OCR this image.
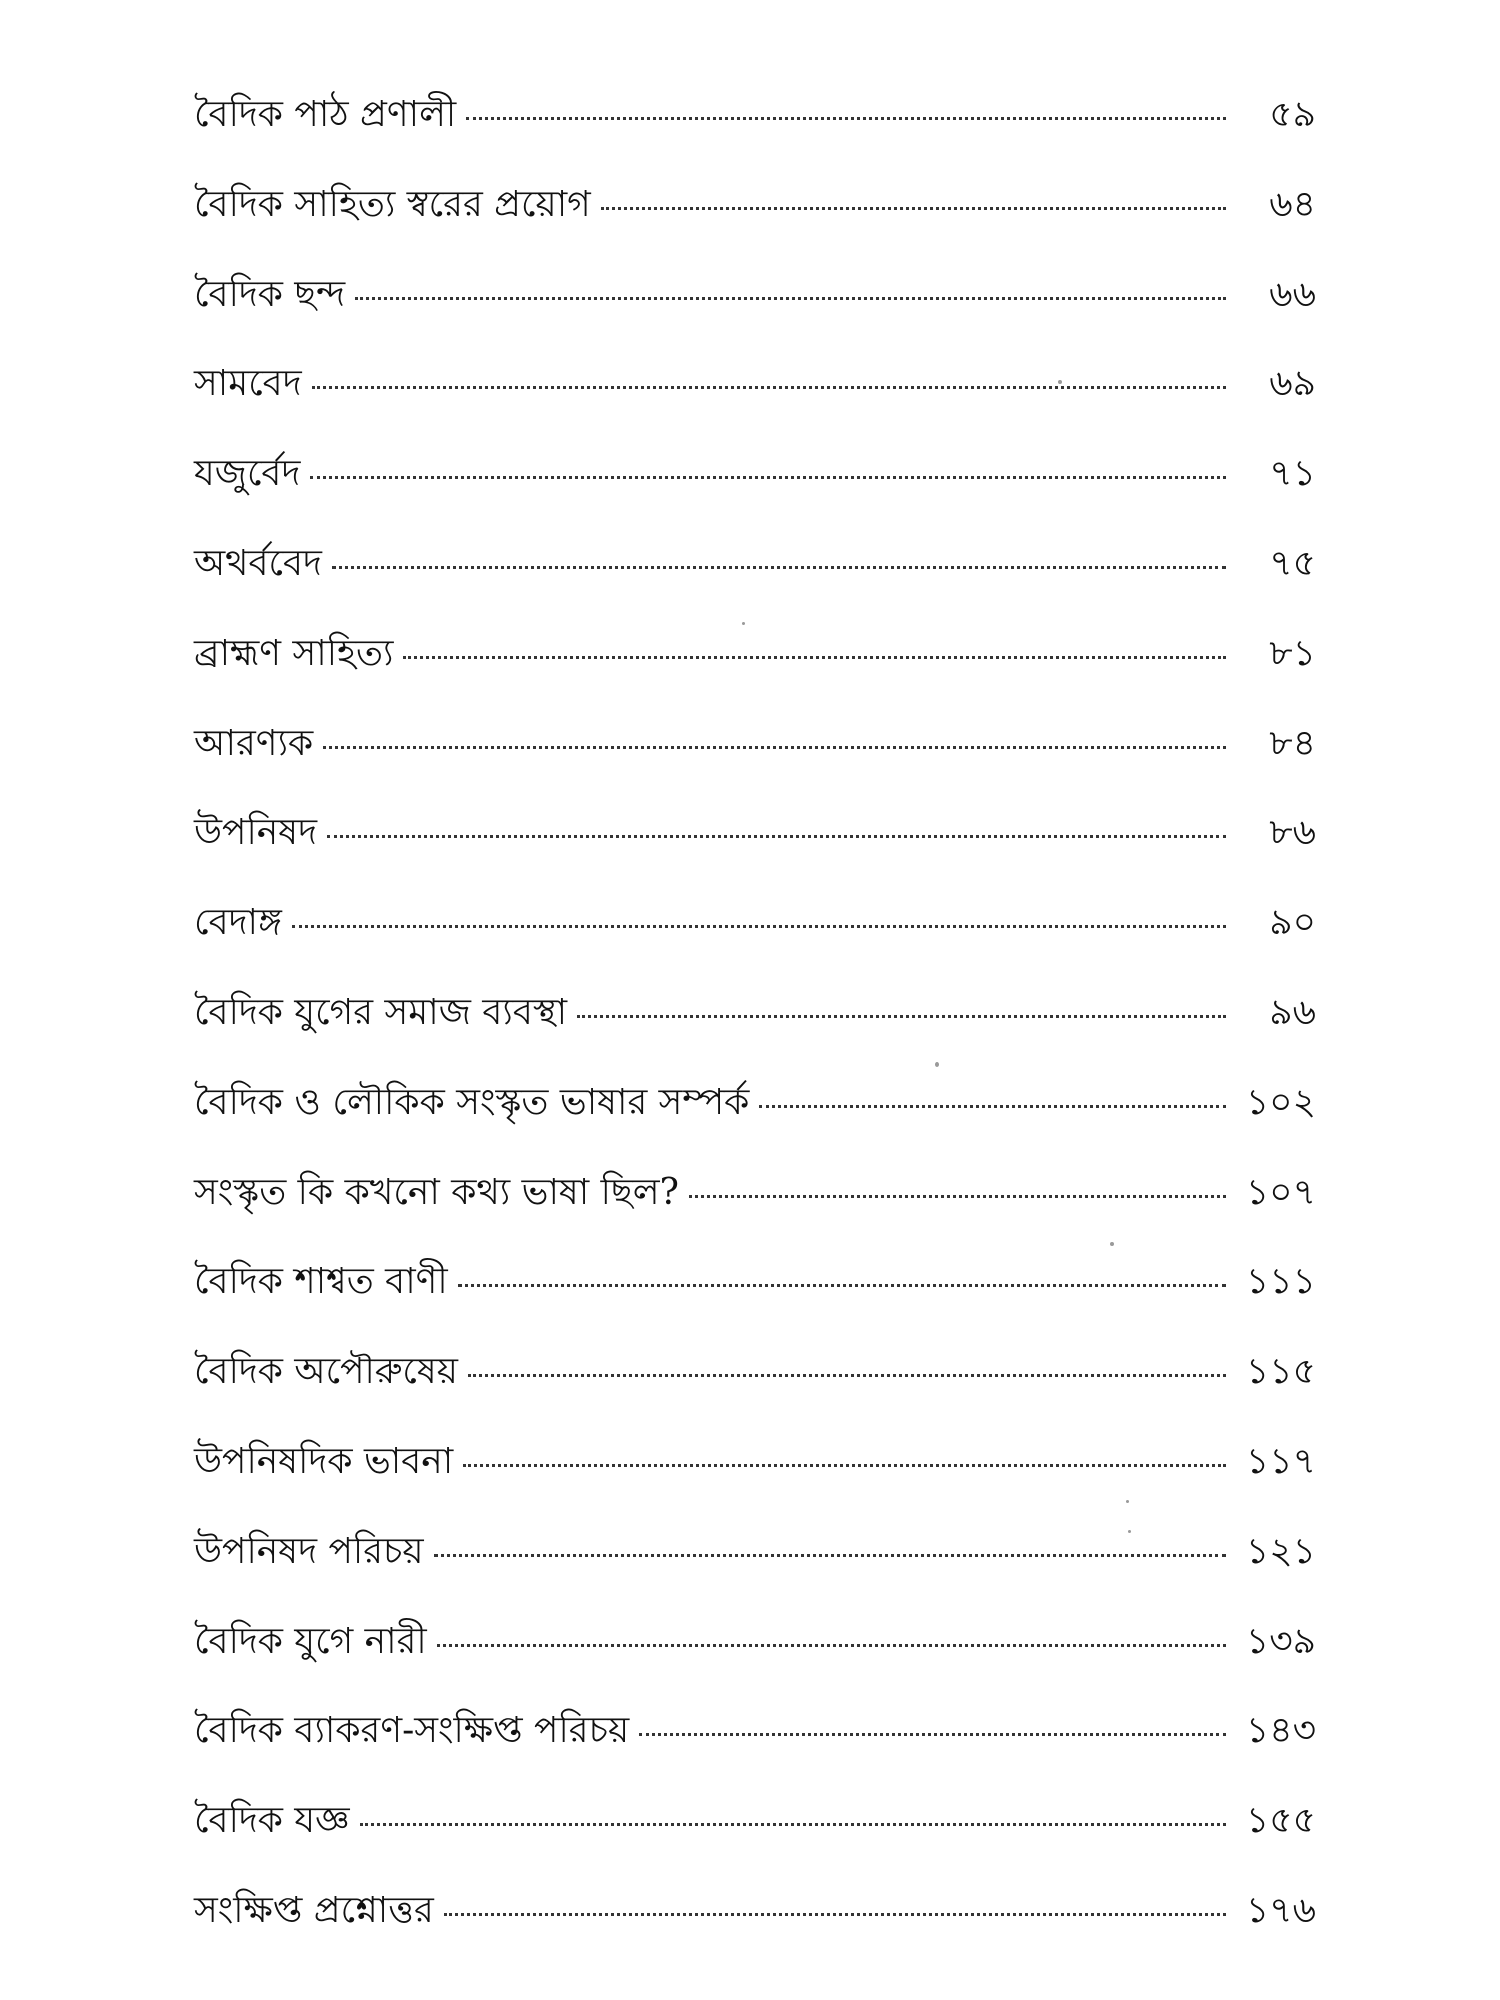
বৈদিক পাঠ প্রণালী	৫৯
বৈদিক সাহিত্য স্বরের প্রয়োগ	৬৪
বৈদিক ছন্দ	৬৬
সামবেদ	৬৯
যজুর্বেদ	৭১
অথর্ববেদ	৭৫
ব্রাহ্মণ সাহিত্য	৮১
আরণ্যক	৮৪
উপনিষদ	৮৬
বেদাঙ্গ	৯০
বৈদিক যুগের সমাজ ব্যবস্থা	৯৬
বৈদিক ও লৌকিক সংস্কৃত ভাষার সম্পর্ক	১০২
সংস্কৃত কি কখনো কথ্য ভাষা ছিল?	১০৭
বৈদিক শাশ্বত বাণী	১১১
বৈদিক অপৌরুষেয়	১১৫
উপনিষদিক ভাবনা	১১৭
উপনিষদ পরিচয়	১২১
বৈদিক যুগে নারী	১৩৯
বৈদিক ব্যাকরণ-সংক্ষিপ্ত পরিচয়	১৪৩
বৈদিক যজ্ঞ	১৫৫
সংক্ষিপ্ত প্রশ্নোত্তর	১৭৬
